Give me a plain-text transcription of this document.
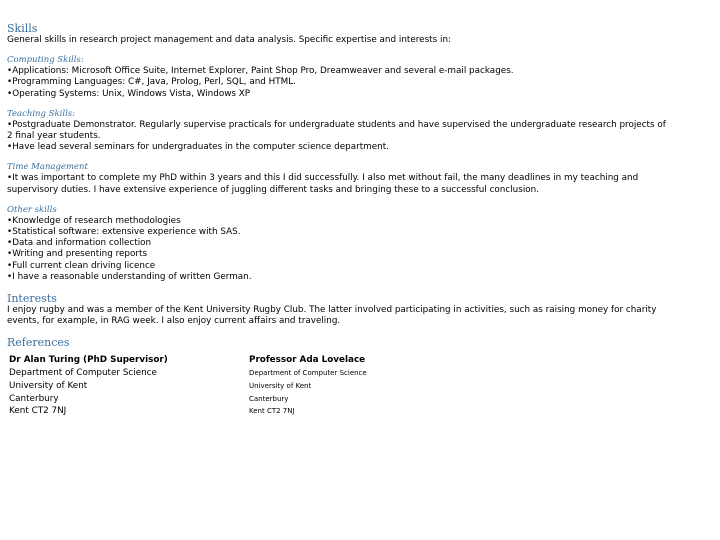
Skills

General skills in research project management and data analysis. Specific expertise and interests in:

Computing Skills:

•Applications: Microsoft Office Suite, Internet Explorer, Paint Shop Pro, Dreamweaver and several e-mail packages.

•Programming Languages: C#, Java, Prolog, Perl, SQL, and HTML.

•Operating Systems: Unix, Windows Vista, Windows XP

Teaching Skills:

•Postgraduate Demonstrator. Regularly supervise practicals for undergraduate students and have supervised the undergraduate research projects of

2 final year students.

•Have lead several seminars for undergraduates in the computer science department.

Time Management

•It was important to complete my PhD within 3 years and this I did successfully. I also met without fail, the many deadlines in my teaching and

supervisory duties. I have extensive experience of juggling different tasks and bringing these to a successful conclusion.

Other skills

•Knowledge of research methodologies

•Statistical software: extensive experience with SAS.

•Data and information collection

•Writing and presenting reports

•Full current clean driving licence

•I have a reasonable understanding of written German.

Interests

I enjoy rugby and was a member of the Kent University Rugby Club. The latter involved participating in activities, such as raising money for charity

events, for example, in RAG week. I also enjoy current affairs and traveling.

References

Dr Alan Turing (PhD Supervisor)
Department of Computer Science
University of Kent
Canterbury
Kent CT2 7NJ
Professor Ada Lovelace
Department of Computer Science
University of Kent
Canterbury
Kent CT2 7NJ
